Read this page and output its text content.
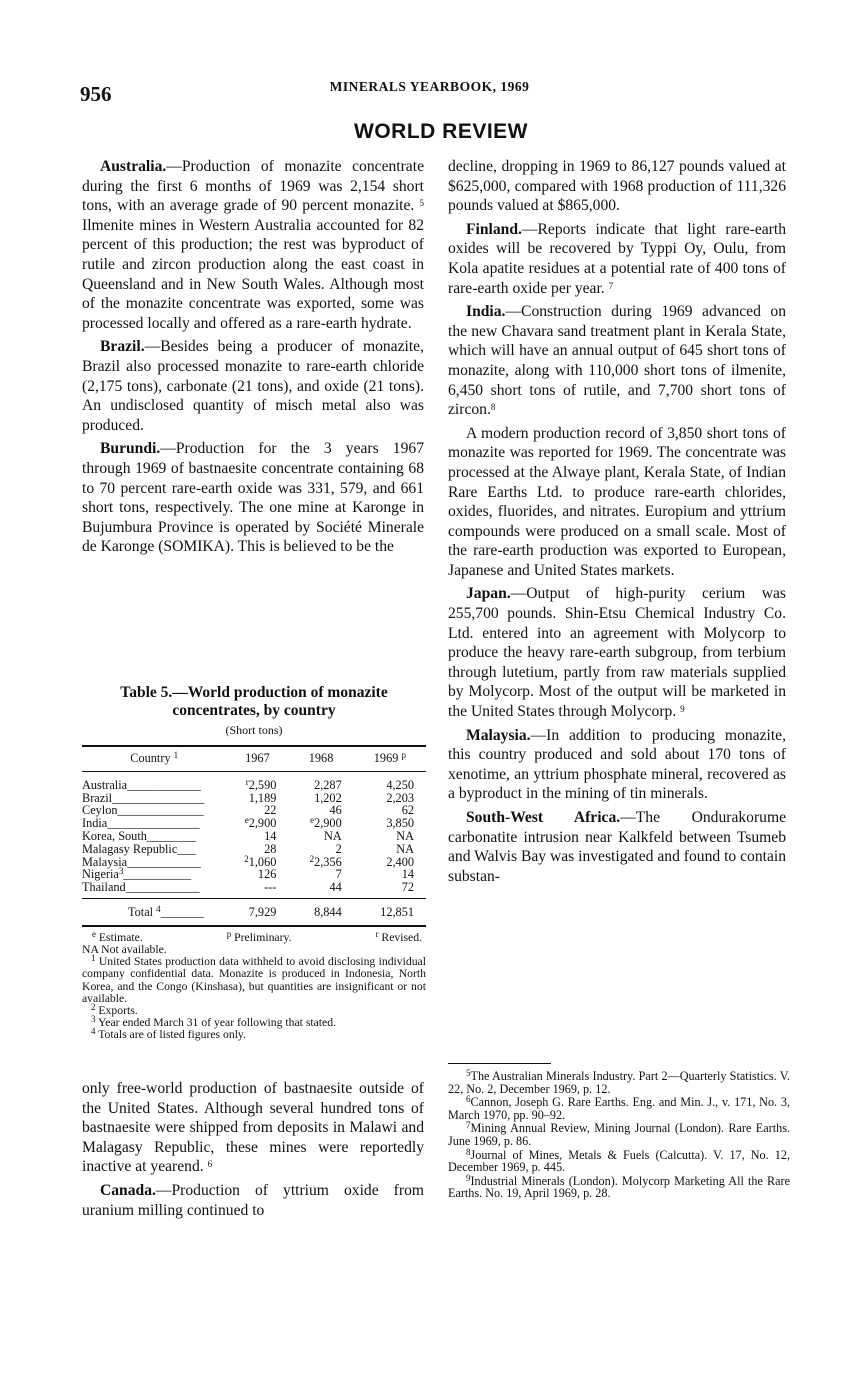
956	MINERALS YEARBOOK, 1969
WORLD REVIEW

Australia.—Production of monazite concentrate during the first 6 months of 1969 was 2,154 short tons, with an average grade of 90 percent monazite. $^5$ Ilmenite mines in Western Australia accounted for 82 percent of this production; the rest was byproduct of rutile and zircon production along the east coast in Queensland and in New South Wales. Although most of the monazite concentrate was exported, some was processed locally and offered as a rare-earth hydrate.

Brazil.—Besides being a producer of monazite, Brazil also processed monazite to rare-earth chloride (2,175 tons), carbonate (21 tons), and oxide (21 tons). An undisclosed quantity of misch metal also was produced.

Burundi.—Production for the 3 years 1967 through 1969 of bastnaesite concentrate containing 68 to 70 percent rare-earth oxide was 331, 579, and 661 short tons, respectively. The one mine at Karonge in Bujumbura Province is operated by Société Minerale de Karonge (SOMIKA). This is believed to be the

Table 5.—World production of monazite
concentrates, by country
(Short tons)
Country $^1$	1967	1968	1969 $^p$
Australia____________	$^r$2,590	2,287	4,250
Brazil_______________	1,189	1,202	2,203
Ceylon______________	22	46	62
India_______________	$^e$2,900	$^e$2,900	3,850
Korea, South________	14	NA	NA
Malagasy Republic___	28	2	NA
Malaysia____________	$^2$1,060	$^2$2,356	2,400
Nigeria$^3$___________	126	7	14
Thailand____________	---	44	72
Total $^4$_______	7,929	8,844	12,851
$^e$ Estimate.	$^p$ Preliminary.	$^r$ Revised.

NA Not available.

$^1$ United States production data withheld to avoid disclosing individual company confidential data. Monazite is produced in Indonesia, North Korea, and the Congo (Kinshasa), but quantities are insignificant or not available.

$^2$ Exports.

$^3$ Year ended March 31 of year following that stated.

$^4$ Totals are of listed figures only.

only free-world production of bastnaesite outside of the United States. Although several hundred tons of bastnaesite were shipped from deposits in Malawi and Malagasy Republic, these mines were reportedly inactive at yearend. $^6$

Canada.—Production of yttrium oxide from uranium milling continued to

decline, dropping in 1969 to 86,127 pounds valued at $625,000, compared with 1968 production of 111,326 pounds valued at $865,000.

Finland.—Reports indicate that light rare-earth oxides will be recovered by Typpi Oy, Oulu, from Kola apatite residues at a potential rate of 400 tons of rare-earth oxide per year. $^7$

India.—Construction during 1969 advanced on the new Chavara sand treatment plant in Kerala State, which will have an annual output of 645 short tons of monazite, along with 110,000 short tons of ilmenite, 6,450 short tons of rutile, and 7,700 short tons of zircon.$^8$

A modern production record of 3,850 short tons of monazite was reported for 1969. The concentrate was processed at the Alwaye plant, Kerala State, of Indian Rare Earths Ltd. to produce rare-earth chlorides, oxides, fluorides, and nitrates. Europium and yttrium compounds were produced on a small scale. Most of the rare-earth production was exported to European, Japanese and United States markets.

Japan.—Output of high-purity cerium was 255,700 pounds. Shin-Etsu Chemical Industry Co. Ltd. entered into an agreement with Molycorp to produce the heavy rare-earth subgroup, from terbium through lutetium, partly from raw materials supplied by Molycorp. Most of the output will be marketed in the United States through Molycorp. $^9$

Malaysia.—In addition to producing monazite, this country produced and sold about 170 tons of xenotime, an yttrium phosphate mineral, recovered as a byproduct in the mining of tin minerals.

South-West Africa.—The Ondurakorume carbonatite intrusion near Kalkfeld between Tsumeb and Walvis Bay was investigated and found to contain substan-

$^5$The Australian Minerals Industry. Part 2—Quarterly Statistics. V. 22, No. 2, December 1969, p. 12.

$^6$Cannon, Joseph G. Rare Earths. Eng. and Min. J., v. 171, No. 3, March 1970, pp. 90–92.

$^7$Mining Annual Review, Mining Journal (London). Rare Earths. June 1969, p. 86.

$^8$Journal of Mines, Metals & Fuels (Calcutta). V. 17, No. 12, December 1969, p. 445.

$^9$Industrial Minerals (London). Molycorp Marketing All the Rare Earths. No. 19, April 1969, p. 28.
